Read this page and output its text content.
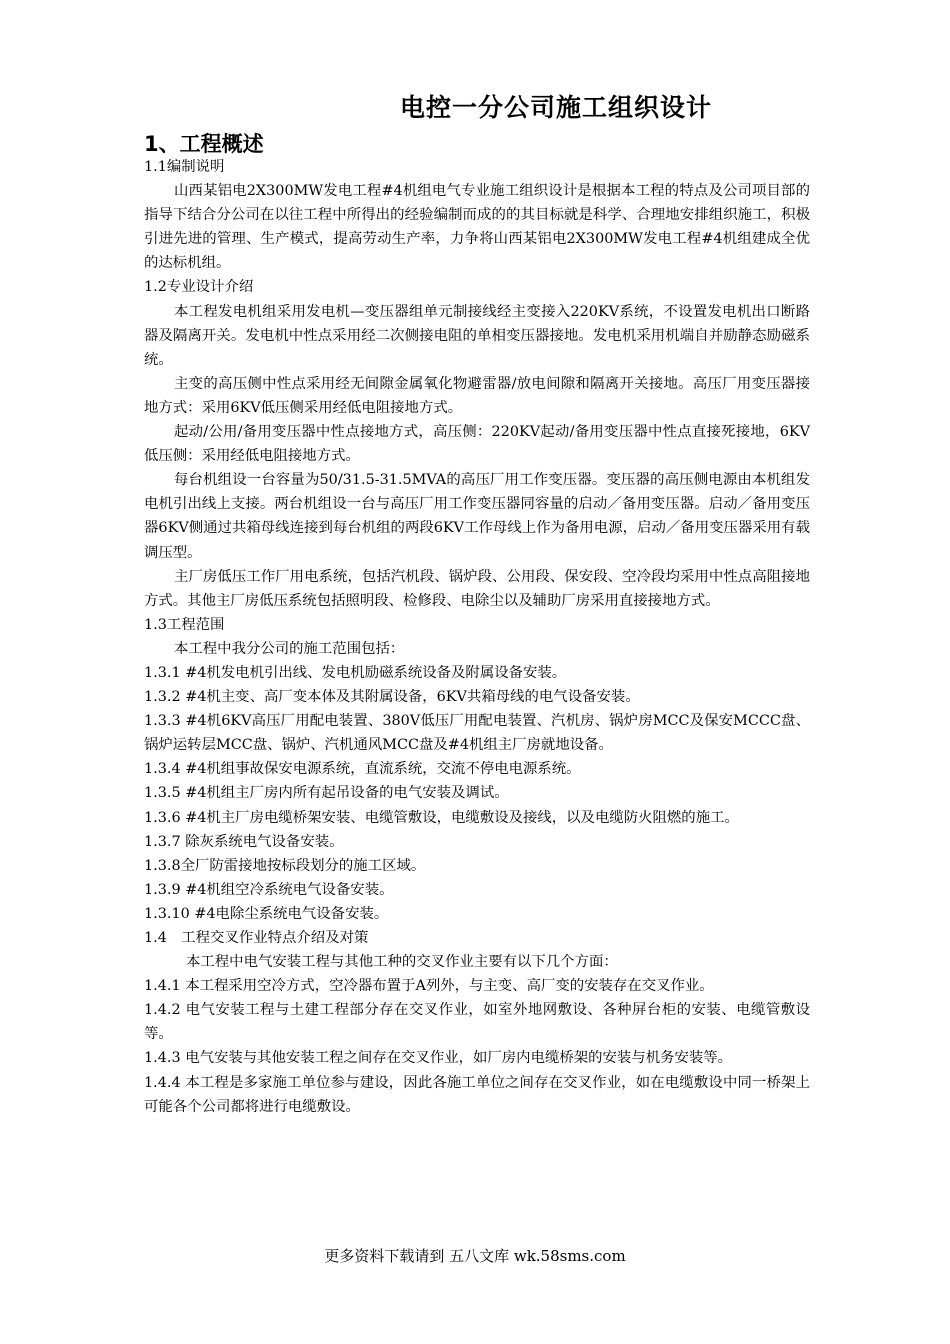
电控一分公司施工组织设计
1、工程概述

1.1编制说明

山西某铝电2X300MW发电工程#4机组电气专业施工组织设计是根据本工程的特点及公司项目部的指导下结合分公司在以往工程中所得出的经验编制而成的的其目标就是科学、合理地安排组织施工，积极引进先进的管理、生产模式，提高劳动生产率，力争将山西某铝电2X300MW发电工程#4机组建成全优的达标机组。

1.2专业设计介绍

本工程发电机组采用发电机—变压器组单元制接线经主变接入220KV系统，不设置发电机出口断路器及隔离开关。发电机中性点采用经二次侧接电阻的单相变压器接地。发电机采用机端自并励静态励磁系统。

主变的高压侧中性点采用经无间隙金属氧化物避雷器/放电间隙和隔离开关接地。高压厂用变压器接地方式：采用6KV低压侧采用经低电阻接地方式。

起动/公用/备用变压器中性点接地方式，高压侧：220KV起动/备用变压器中性点直接死接地，6KV低压侧：采用经低电阻接地方式。

每台机组设一台容量为50/31.5-31.5MVA的高压厂用工作变压器。变压器的高压侧电源由本机组发电机引出线上支接。两台机组设一台与高压厂用工作变压器同容量的启动／备用变压器。启动／备用变压器6KV侧通过共箱母线连接到每台机组的两段6KV工作母线上作为备用电源，启动／备用变压器采用有载调压型。

主厂房低压工作厂用电系统，包括汽机段、锅炉段、公用段、保安段、空冷段均采用中性点高阻接地方式。其他主厂房低压系统包括照明段、检修段、电除尘以及辅助厂房采用直接接地方式。

1.3工程范围

本工程中我分公司的施工范围包括：

1.3.1 #4机发电机引出线、发电机励磁系统设备及附属设备安装。

1.3.2 #4机主变、高厂变本体及其附属设备，6KV共箱母线的电气设备安装。

1.3.3 #4机6KV高压厂用配电装置、380V低压厂用配电装置、汽机房、锅炉房MCC及保安MCCC盘、锅炉运转层MCC盘、锅炉、汽机通风MCC盘及#4机组主厂房就地设备。

1.3.4 #4机组事故保安电源系统，直流系统，交流不停电电源系统。

1.3.5 #4机组主厂房内所有起吊设备的电气安装及调试。

1.3.6 #4机主厂房电缆桥架安装、电缆管敷设，电缆敷设及接线，以及电缆防火阻燃的施工。

1.3.7 除灰系统电气设备安装。

1.3.8全厂防雷接地按标段划分的施工区域。

1.3.9 #4机组空冷系统电气设备安装。

1.3.10 #4电除尘系统电气设备安装。

1.4　工程交叉作业特点介绍及对策

本工程中电气安装工程与其他工种的交叉作业主要有以下几个方面：

1.4.1 本工程采用空冷方式，空冷器布置于A列外，与主变、高厂变的安装存在交叉作业。

1.4.2 电气安装工程与土建工程部分存在交叉作业，如室外地网敷设、各种屏台柜的安装、电缆管敷设等。

1.4.3 电气安装与其他安装工程之间存在交叉作业，如厂房内电缆桥架的安装与机务安装等。

1.4.4 本工程是多家施工单位参与建设，因此各施工单位之间存在交叉作业，如在电缆敷设中同一桥架上可能各个公司都将进行电缆敷设。

更多资料下载请到 五八文库 wk.58sms.com
